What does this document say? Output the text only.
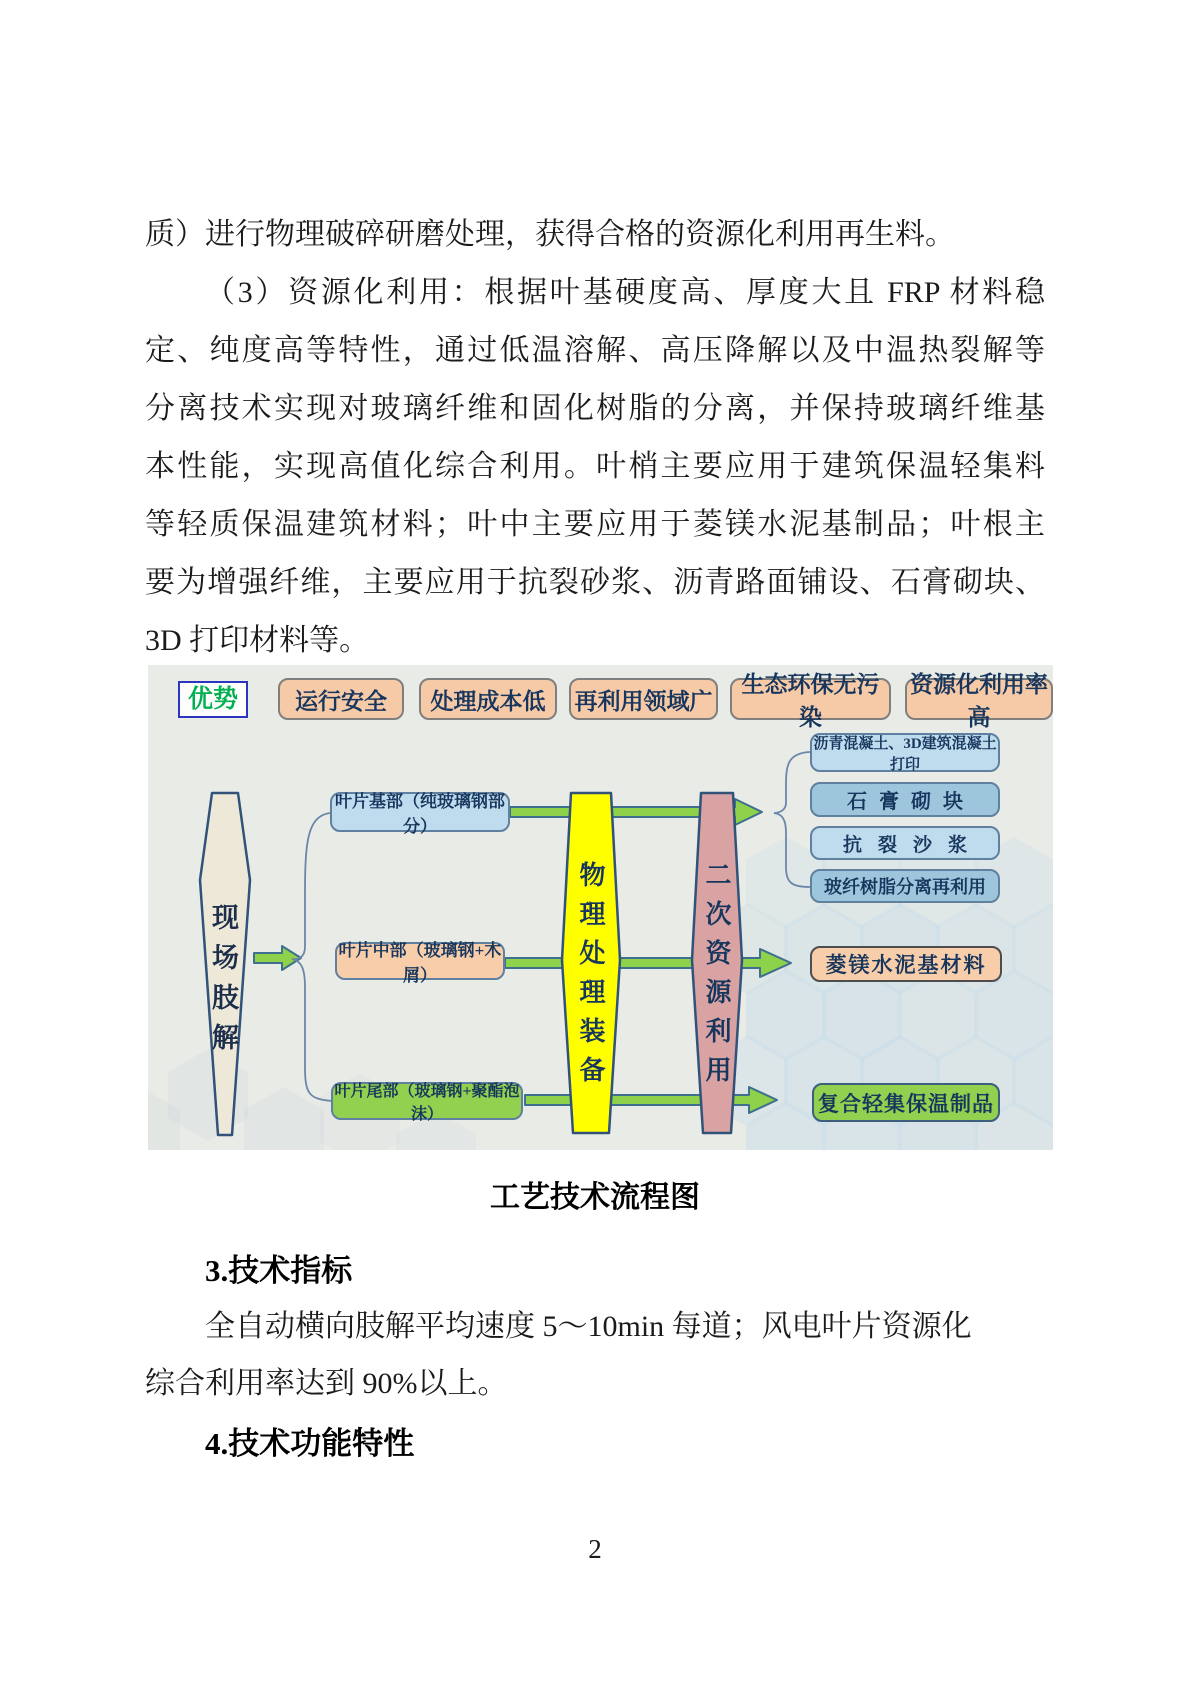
质）进行物理破碎研磨处理，获得合格的资源化利用再生料。
（3）资源化利用：根据叶基硬度高、厚度大且 FRP 材料稳
定、纯度高等特性，通过低温溶解、高压降解以及中温热裂解等
分离技术实现对玻璃纤维和固化树脂的分离，并保持玻璃纤维基
本性能，实现高值化综合利用。叶梢主要应用于建筑保温轻集料
等轻质保温建筑材料；叶中主要应用于菱镁水泥基制品；叶根主
要为增强纤维，主要应用于抗裂砂浆、沥青路面铺设、石膏砌块、
3D 打印材料等。
优势	运行安全	处理成本低	再利用领域广
生态环保无污染
资源化利用率高
现场肢解	物理处理装备	二次资源利用
叶片基部（纯玻璃钢部分）
叶片中部（玻璃钢+木屑）
叶片尾部（玻璃钢+聚酯泡沫）
沥青混凝土、3D建筑混凝土打印
石膏砌块
抗裂沙浆
玻纤树脂分离再利用
菱镁水泥基材料
复合轻集保温制品
工艺技术流程图
3.技术指标
全自动横向肢解平均速度 5～10min 每道；风电叶片资源化
综合利用率达到 90%以上。
4.技术功能特性
2
